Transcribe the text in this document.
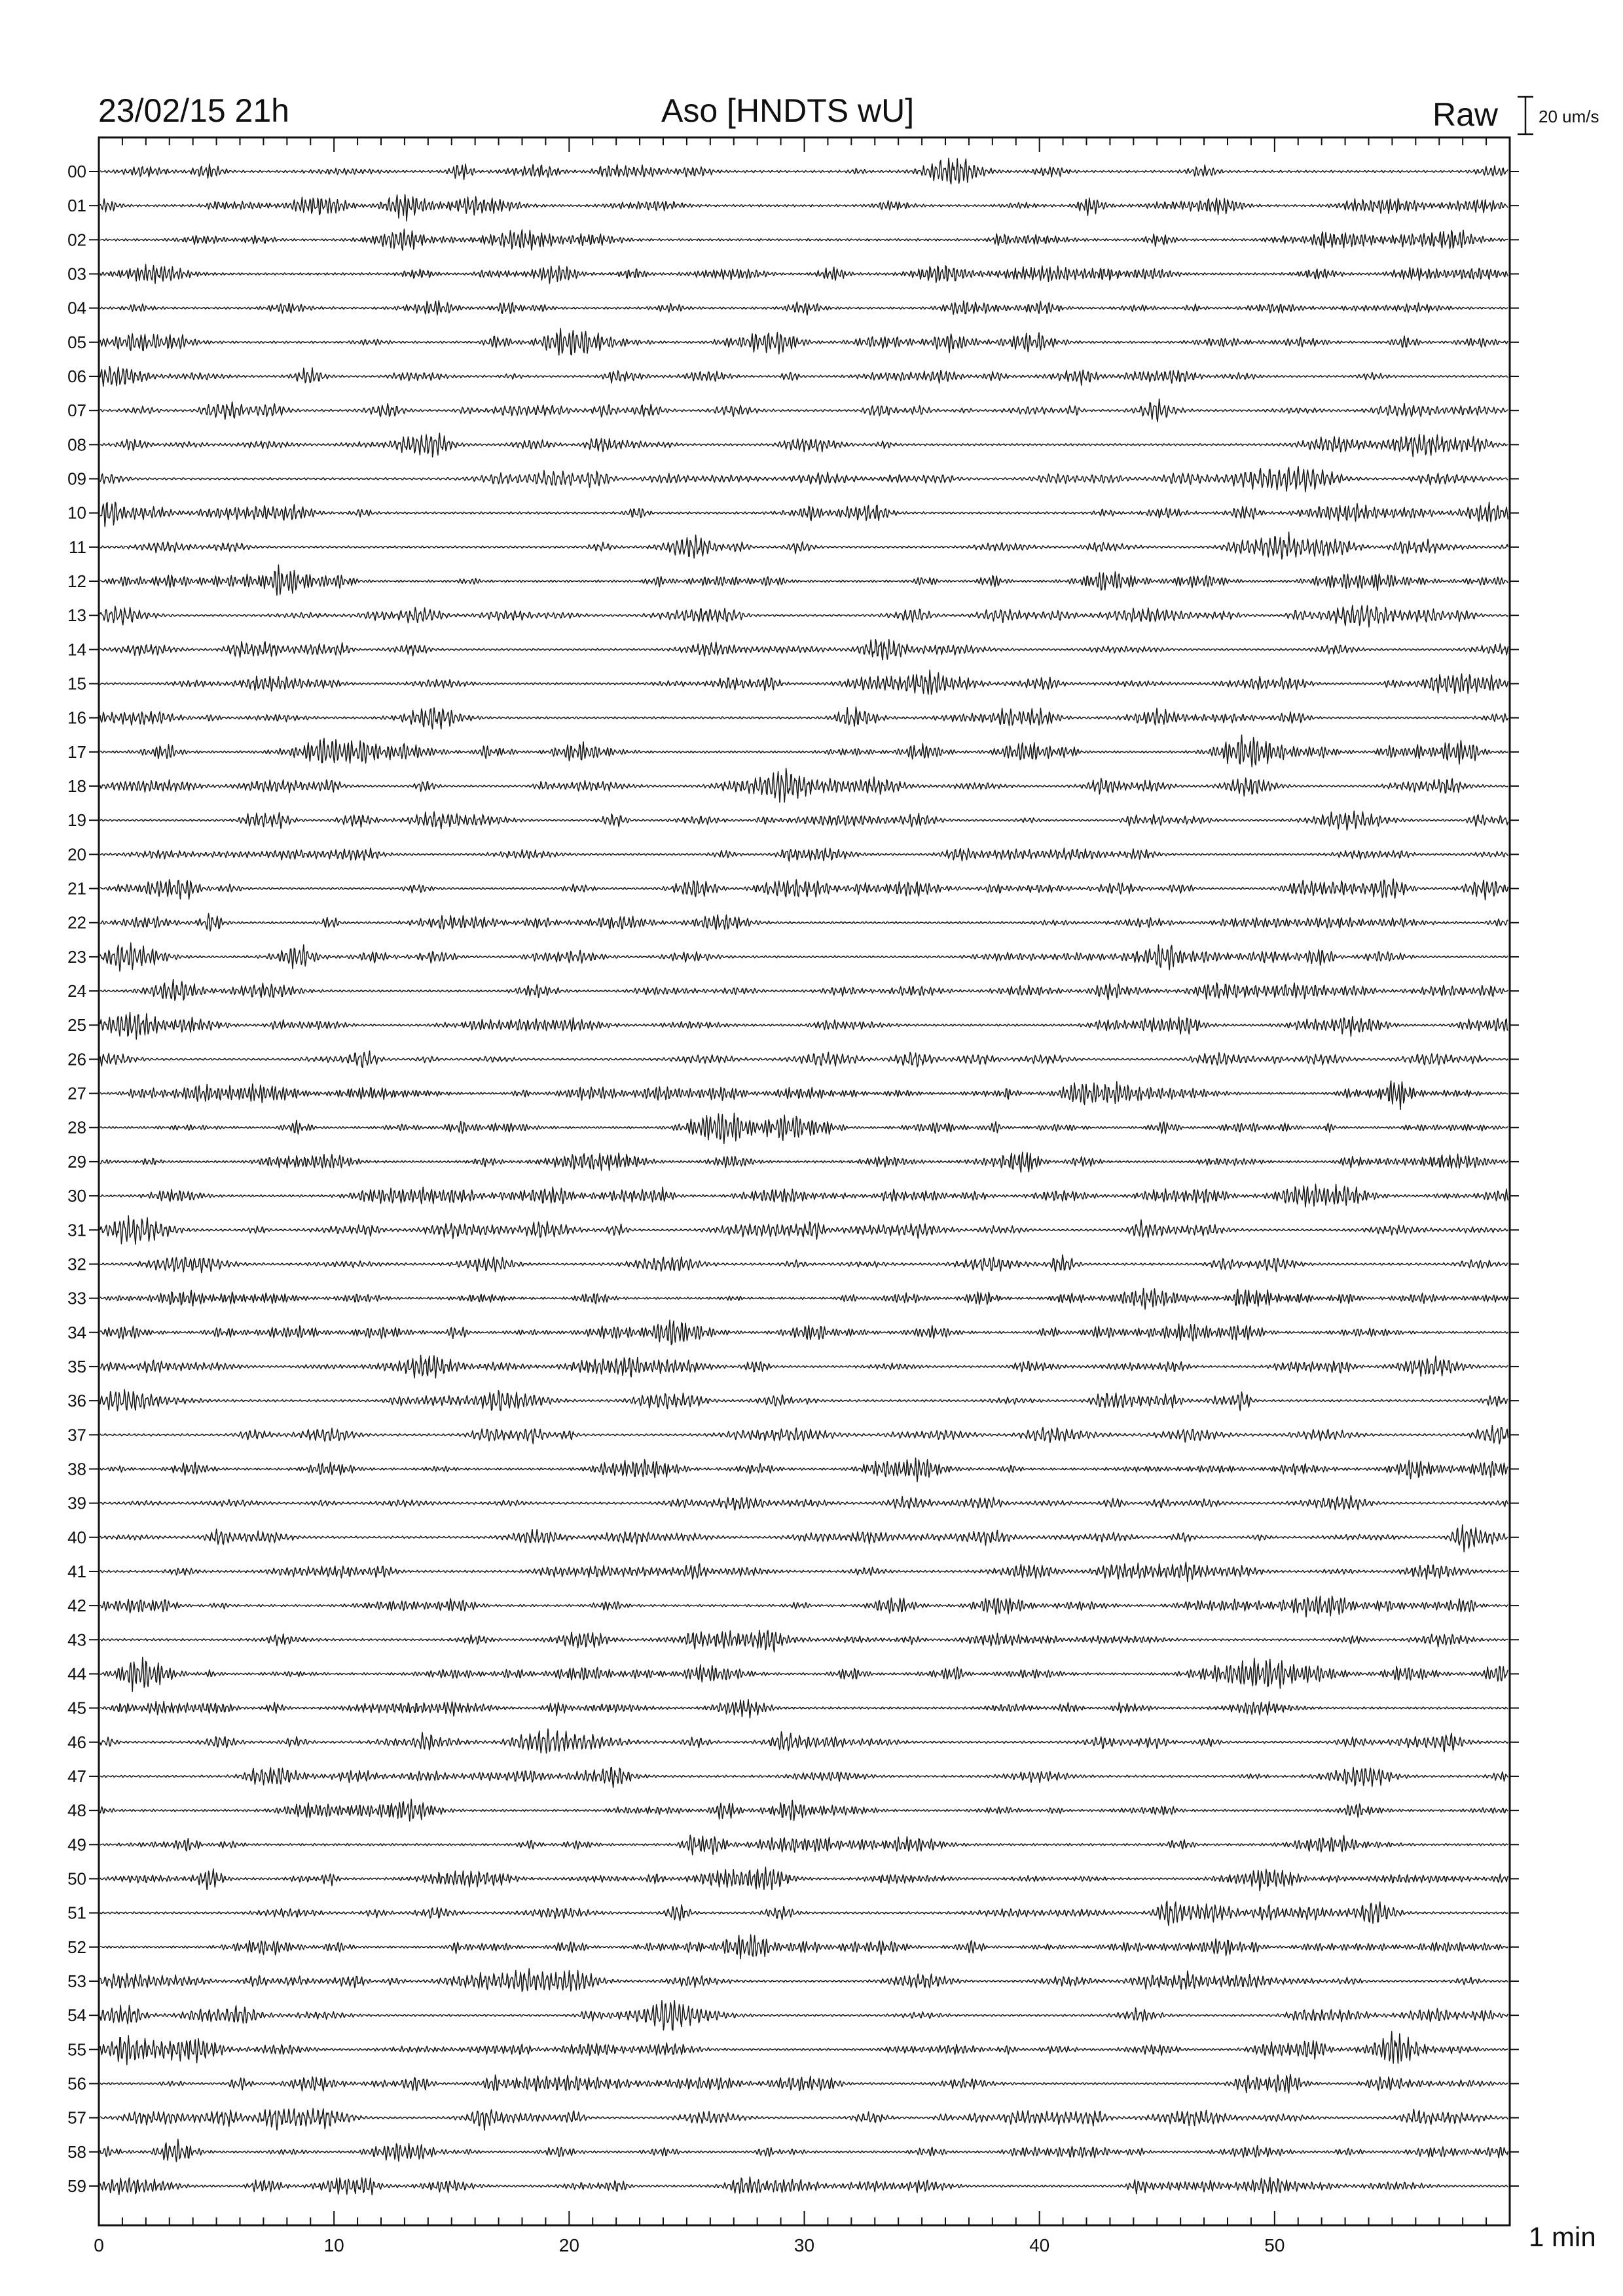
23/02/15 21h	Aso [HNDTS wU]	Raw 20 um/s
0	10	20	30	40	50
00
01
02
03
04
05
06
07
08
09
10
11
12
13
14
15
16
17
18
19
20
21
22
23
24
25
26
27
28
29
30
31
32
33
34
35
36
37
38
39
40
41
42
43
44
45
46
47
48
49
50
51
52
53
54
55
56
57
58
59
1 min
